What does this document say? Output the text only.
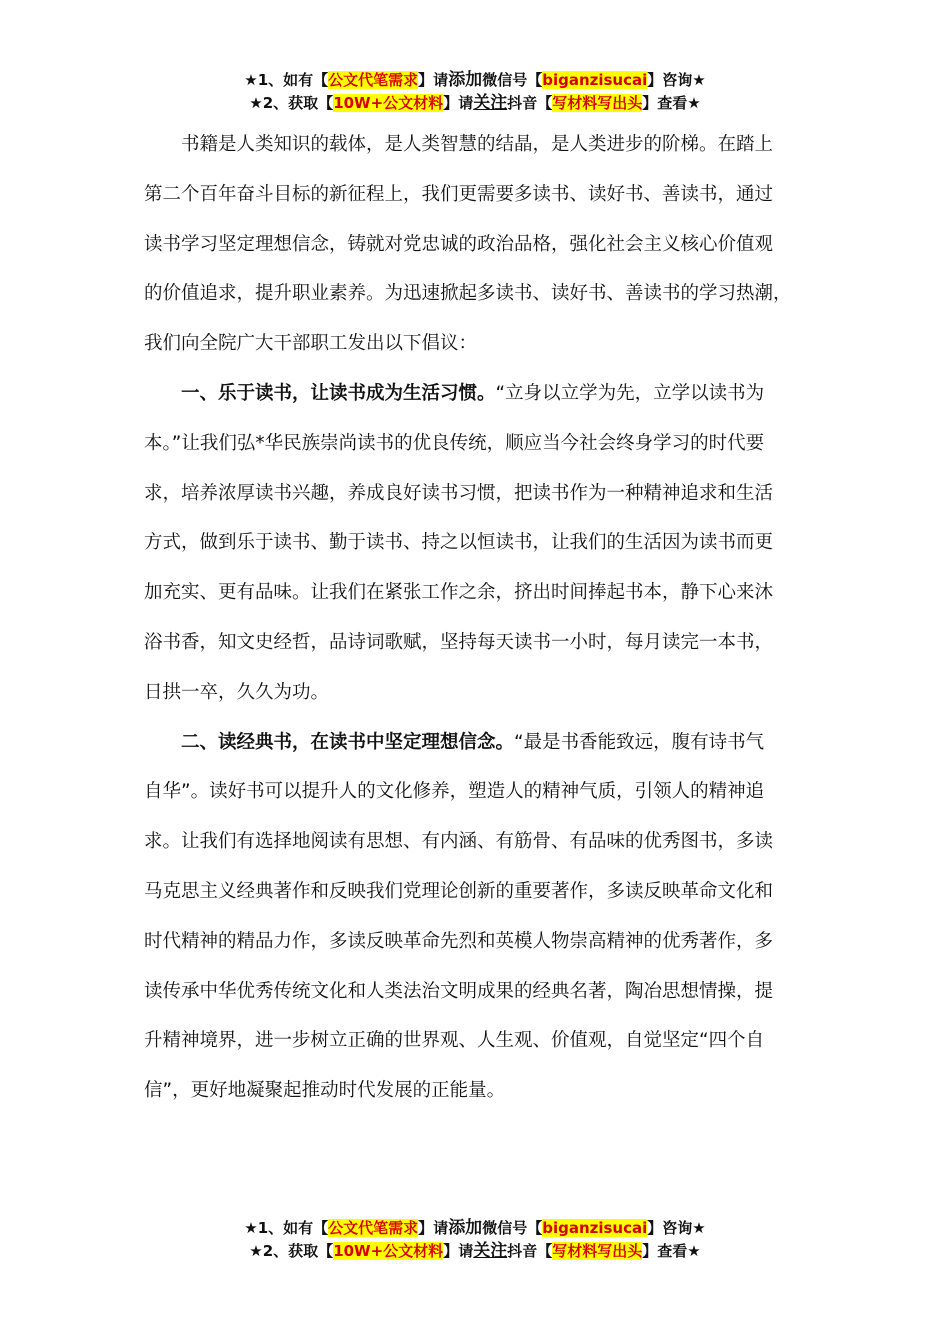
★1、如有【公文代笔需求】请添加微信号【biganzisucai】咨询★
★2、获取【10W+公文材料】请关注抖音【写材料写出头】查看★

书籍是人类知识的载体，是人类智慧的结晶，是人类进步的阶梯。在踏上
第二个百年奋斗目标的新征程上，我们更需要多读书、读好书、善读书，通过
读书学习坚定理想信念，铸就对党忠诚的政治品格，强化社会主义核心价值观
的价值追求，提升职业素养。为迅速掀起多读书、读好书、善读书的学习热潮，
我们向全院广大干部职工发出以下倡议：

一、乐于读书，让读书成为生活习惯。“立身以立学为先，立学以读书为
本。”让我们弘*华民族崇尚读书的优良传统，顺应当今社会终身学习的时代要
求，培养浓厚读书兴趣，养成良好读书习惯，把读书作为一种精神追求和生活
方式，做到乐于读书、勤于读书、持之以恒读书，让我们的生活因为读书而更
加充实、更有品味。让我们在紧张工作之余，挤出时间捧起书本，静下心来沐
浴书香，知文史经哲，品诗词歌赋，坚持每天读书一小时，每月读完一本书，
日拱一卒，久久为功。

二、读经典书，在读书中坚定理想信念。“最是书香能致远，腹有诗书气
自华”。读好书可以提升人的文化修养，塑造人的精神气质，引领人的精神追
求。让我们有选择地阅读有思想、有内涵、有筋骨、有品味的优秀图书，多读
马克思主义经典著作和反映我们党理论创新的重要著作，多读反映革命文化和
时代精神的精品力作，多读反映革命先烈和英模人物崇高精神的优秀著作，多
读传承中华优秀传统文化和人类法治文明成果的经典名著，陶冶思想情操，提
升精神境界，进一步树立正确的世界观、人生观、价值观，自觉坚定“四个自
信”，更好地凝聚起推动时代发展的正能量。

★1、如有【公文代笔需求】请添加微信号【biganzisucai】咨询★
★2、获取【10W+公文材料】请关注抖音【写材料写出头】查看★
